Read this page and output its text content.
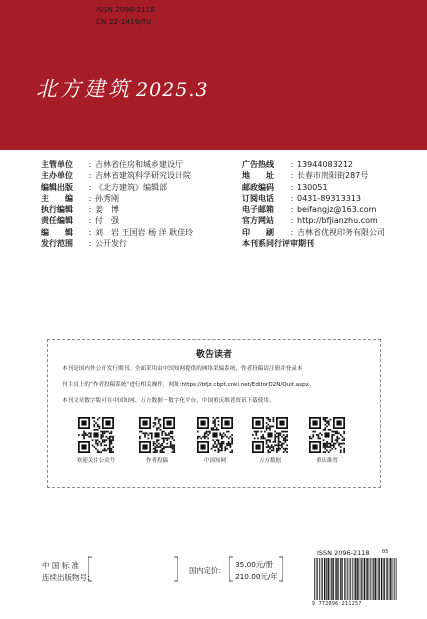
北方建筑 2025.3
主管单位	: 吉林省住房和城乡建设厅
主办单位	: 吉林省建筑科学研究设计院
编辑出版	: 《北方建筑》编辑部
主　　编	: 孙秀刚
执行编辑	: 姜　博
责任编辑	: 付　强
编　　辑	: 刘　岩 王国岩 杨 洋 耿佳玲
发行范围	: 公开发行
广告热线	: 13944083212
地　　址	: 长春市贵阳街287号
邮政编码	: 130051
订阅电话	: 0431-89313313
电子邮箱	: beifangjz@163.com
官方网站	: http://bfjianzhu.com
印　　刷	: 吉林省优视印务有限公司
本刊系同行评审期刊
敬告读者
本刊是国内外公开发行期刊，全面采用由中国知网提供的网络采编系统，作者投稿请注册并登录本
刊主页上的“作者投稿系统”进行相关操作，网址:https://bfjz.cbpt.cnki.net/EditorD2N/Quit.aspx。
本刊文章数字版可在中国知网、万方数据－数字化平台、中国重庆维普资讯下载使用。
欢迎关注公众号	作者投稿	中国知网	万方数据	重庆维普
中 国 标 准
连续出版物号：
ISSN 2096-2118
CN 22-1419/TU
国内定价：
35.00元/册
210.00元/年
ISSN 2096-2118
9 772096 211257
03
